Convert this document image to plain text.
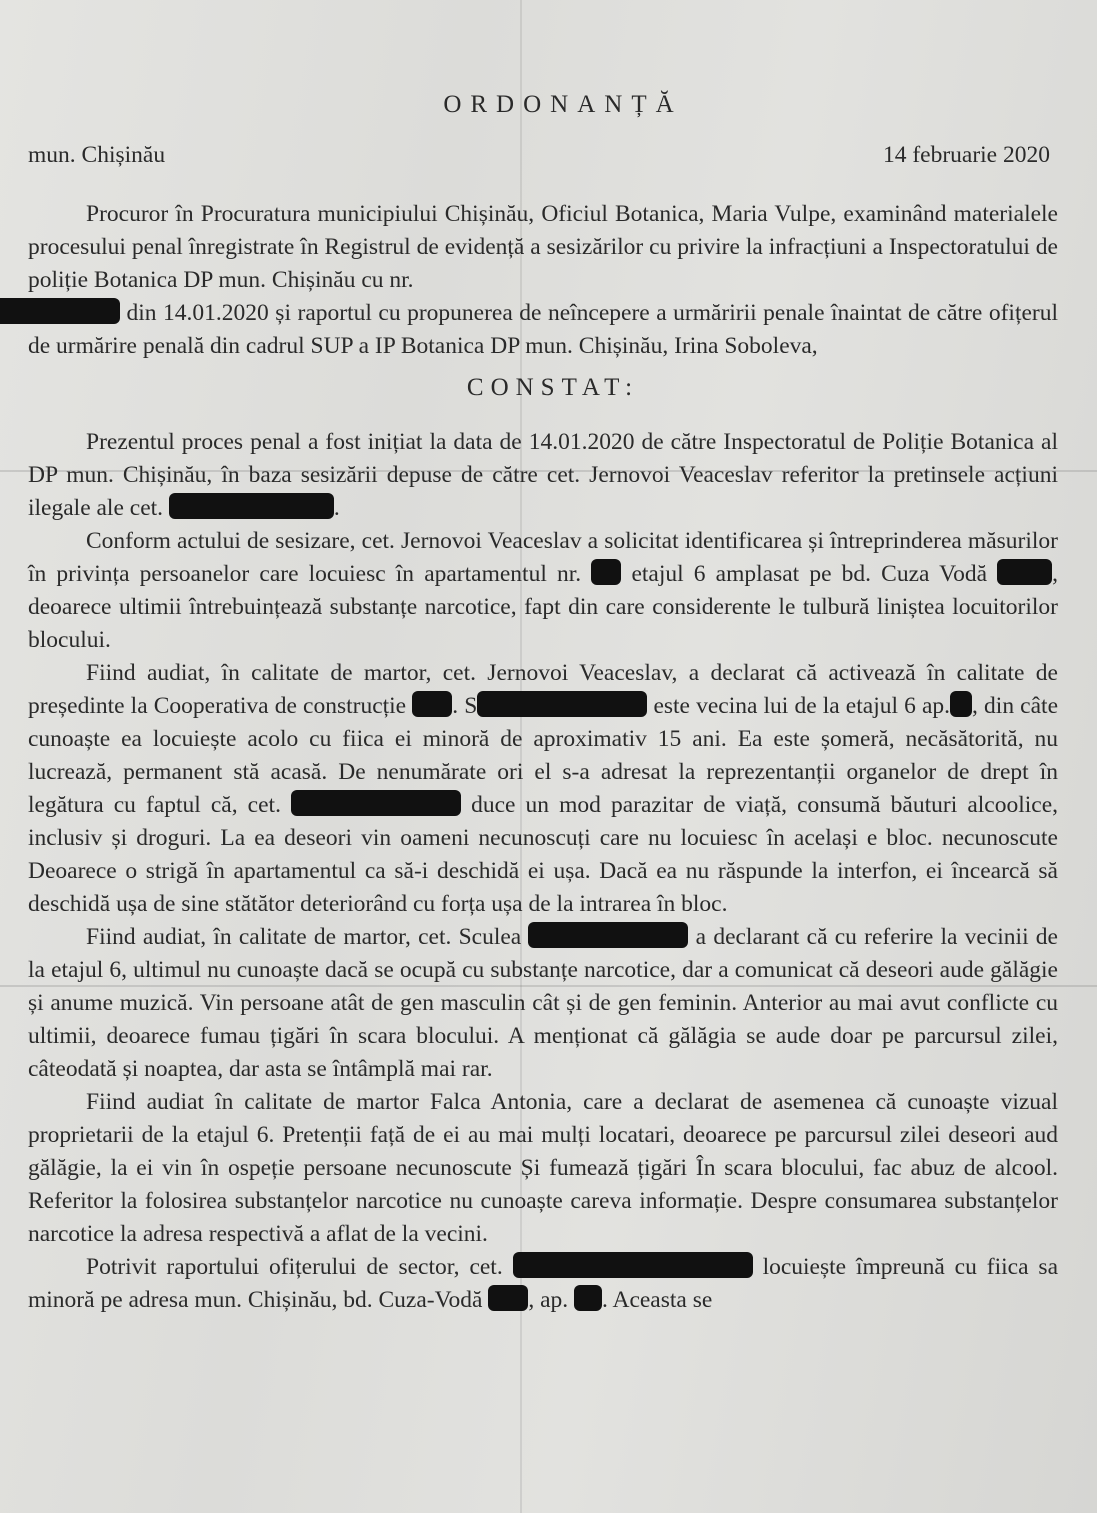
ORDONANȚĂ
mun. Chișinău	14 februarie 2020

Procuror în Procuratura municipiului Chișinău, Oficiul Botanica, Maria Vulpe, examinând materialele procesului penal înregistrate în Registrul de evidență a sesizărilor cu privire la infracțiuni a Inspectoratului de poliție Botanica DP mun. Chișinău cu nr.
din 14.01.2020 și raportul cu propunerea de neîncepere a urmăririi penale înaintat de către ofițerul de urmărire penală din cadrul SUP a IP Botanica DP mun. Chișinău, Irina Soboleva,

CONSTAT:

Prezentul proces penal a fost inițiat la data de 14.01.2020 de către Inspectoratul de Poliție Botanica al DP mun. Chișinău, în baza sesizării depuse de către cet. Jernovoi Veaceslav referitor la pretinsele acțiuni ilegale ale cet.	.

Conform actului de sesizare, cet. Jernovoi Veaceslav a solicitat identificarea și întreprinderea măsurilor în privința persoanelor care locuiesc în apartamentul nr. etajul 6 amplasat pe bd. Cuza Vodă	, deoarece ultimii întrebuințează substanțe narcotice, fapt din care considerente le tulbură liniștea locuitorilor blocului.

Fiind audiat, în calitate de martor, cet. Jernovoi Veaceslav, a declarat că activează în calitate de președinte la Cooperativa de construcție . S	este vecina lui de la etajul 6 ap. , din câte cunoaște ea locuiește acolo cu fiica ei minoră de aproximativ 15 ani. Ea este șomeră, necăsătorită, nu lucrează, permanent stă acasă. De nenumărate ori el s-a adresat la reprezentanții organelor de drept în legătura cu faptul că, cet.	duce un mod parazitar de viață, consumă băuturi alcoolice, inclusiv și droguri. La ea deseori vin oameni necunoscuți care nu locuiesc în același e bloc. necunoscute Deoarece o strigă în apartamentul ca să-i deschidă ei ușa. Dacă ea nu răspunde la interfon, ei încearcă să deschidă ușa de sine stătător deteriorând cu forța ușa de la intrarea în bloc.

Fiind audiat, în calitate de martor, cet. Sculea	a declarant că cu referire la vecinii de la etajul 6, ultimul nu cunoaște dacă se ocupă cu substanțe narcotice, dar a comunicat că deseori aude gălăgie și anume muzică. Vin persoane atât de gen masculin cât și de gen feminin. Anterior au mai avut conflicte cu ultimii, deoarece fumau țigări în scara blocului. A menționat că gălăgia se aude doar pe parcursul zilei, câteodată și noaptea, dar asta se întâmplă mai rar.

Fiind audiat în calitate de martor Falca Antonia, care a declarat de asemenea că cunoaște vizual proprietarii de la etajul 6. Pretenții față de ei au mai mulți locatari, deoarece pe parcursul zilei deseori aud gălăgie, la ei vin în ospeție persoane necunoscute Și fumează țigări În scara blocului, fac abuz de alcool. Referitor la folosirea substanțelor narcotice nu cunoaște careva informație. Despre consumarea substanțelor narcotice la adresa respectivă a aflat de la vecini.

Potrivit raportului ofițerului de sector, cet.	locuiește împreună cu fiica sa minoră pe adresa mun. Chișinău, bd. Cuza-Vodă , ap. . Aceasta se
